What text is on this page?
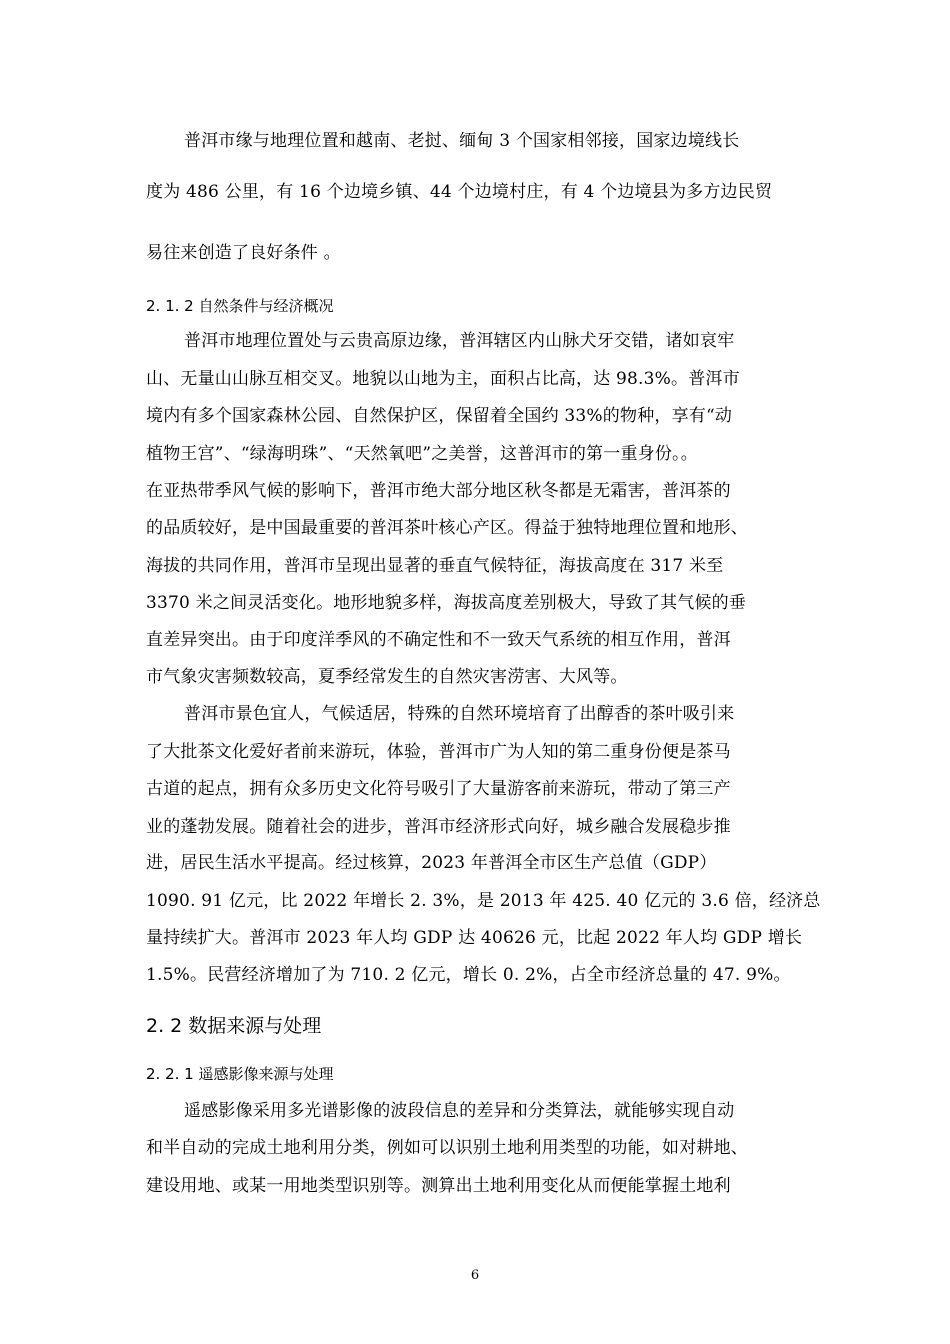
普洱市缘与地理位置和越南、老挝、缅甸 3 个国家相邻接，国家边境线长
度为 486 公里，有 16 个边境乡镇、44 个边境村庄，有 4 个边境县为多方边民贸
易往来创造了良好条件 。
2. 1. 2 自然条件与经济概况
普洱市地理位置处与云贵高原边缘，普洱辖区内山脉犬牙交错，诸如哀牢
山、无量山山脉互相交叉。地貌以山地为主，面积占比高，达 98.3%。普洱市
境内有多个国家森林公园、自然保护区，保留着全国约 33%的物种，享有“动
植物王宫”、“绿海明珠”、“天然氧吧”之美誉，这普洱市的第一重身份。。
在亚热带季风气候的影响下，普洱市绝大部分地区秋冬都是无霜害，普洱茶的
的品质较好，是中国最重要的普洱茶叶核心产区。得益于独特地理位置和地形、
海拔的共同作用，普洱市呈现出显著的垂直气候特征，海拔高度在 317 米至
3370 米之间灵活变化。地形地貌多样，海拔高度差别极大，导致了其气候的垂
直差异突出。由于印度洋季风的不确定性和不一致天气系统的相互作用，普洱
市气象灾害频数较高，夏季经常发生的自然灾害涝害、大风等。
普洱市景色宜人，气候适居，特殊的自然环境培育了出醇香的茶叶吸引来
了大批茶文化爱好者前来游玩，体验，普洱市广为人知的第二重身份便是茶马
古道的起点，拥有众多历史文化符号吸引了大量游客前来游玩，带动了第三产
业的蓬勃发展。随着社会的进步，普洱市经济形式向好，城乡融合发展稳步推
进，居民生活水平提高。经过核算，2023 年普洱全市区生产总值（GDP）
1090. 91 亿元，比 2022 年增长 2. 3%，是 2013 年 425. 40 亿元的 3.6 倍，经济总
量持续扩大。普洱市 2023 年人均 GDP 达 40626 元，比起 2022 年人均 GDP 增长
1.5%。民营经济增加了为 710. 2 亿元，增长 0. 2%，占全市经济总量的 47. 9%。
2. 2 数据来源与处理
2. 2. 1 遥感影像来源与处理
遥感影像采用多光谱影像的波段信息的差异和分类算法，就能够实现自动
和半自动的完成土地利用分类，例如可以识别土地利用类型的功能，如对耕地、
建设用地、或某一用地类型识别等。测算出土地利用变化从而便能掌握土地利
6
